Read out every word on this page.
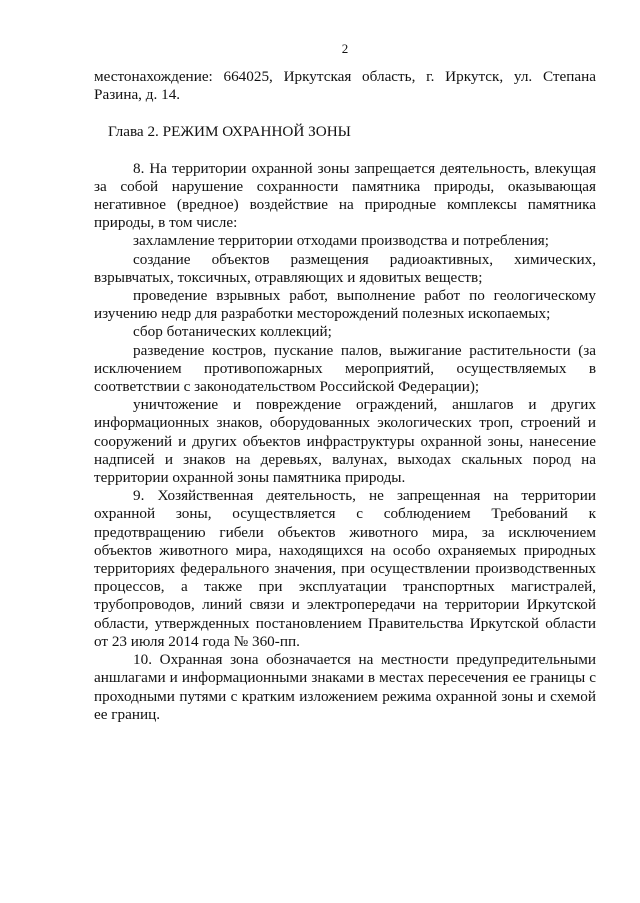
2

местонахождение: 664025, Иркутская область, г. Иркутск, ул. Степана Разина, д. 14.

Глава 2. РЕЖИМ ОХРАННОЙ ЗОНЫ

8. На территории охранной зоны запрещается деятельность, влекущая за собой нарушение сохранности памятника природы, оказывающая негативное (вредное) воздействие на природные комплексы памятника природы, в том числе:

захламление территории отходами производства и потребления;

создание объектов размещения радиоактивных, химических, взрывчатых, токсичных, отравляющих и ядовитых веществ;

проведение взрывных работ, выполнение работ по геологическому изучению недр для разработки месторождений полезных ископаемых;

сбор ботанических коллекций;

разведение костров, пускание палов, выжигание растительности (за исключением противопожарных мероприятий, осуществляемых в соответствии с законодательством Российской Федерации);

уничтожение и повреждение ограждений, аншлагов и других информационных знаков, оборудованных экологических троп, строений и сооружений и других объектов инфраструктуры охранной зоны, нанесение надписей и знаков на деревьях, валунах, выходах скальных пород на территории охранной зоны памятника природы.

9. Хозяйственная деятельность, не запрещенная на территории охранной зоны, осуществляется с соблюдением Требований к предотвращению гибели объектов животного мира, за исключением объектов животного мира, находящихся на особо охраняемых природных территориях федерального значения, при осуществлении производственных процессов, а также при эксплуатации транспортных магистралей, трубопроводов, линий связи и электропередачи на территории Иркутской области, утвержденных постановлением Правительства Иркутской области от 23 июля 2014 года № 360-пп.

10. Охранная зона обозначается на местности предупредительными аншлагами и информационными знаками в местах пересечения ее границы с проходными путями с кратким изложением режима охранной зоны и схемой ее границ.
